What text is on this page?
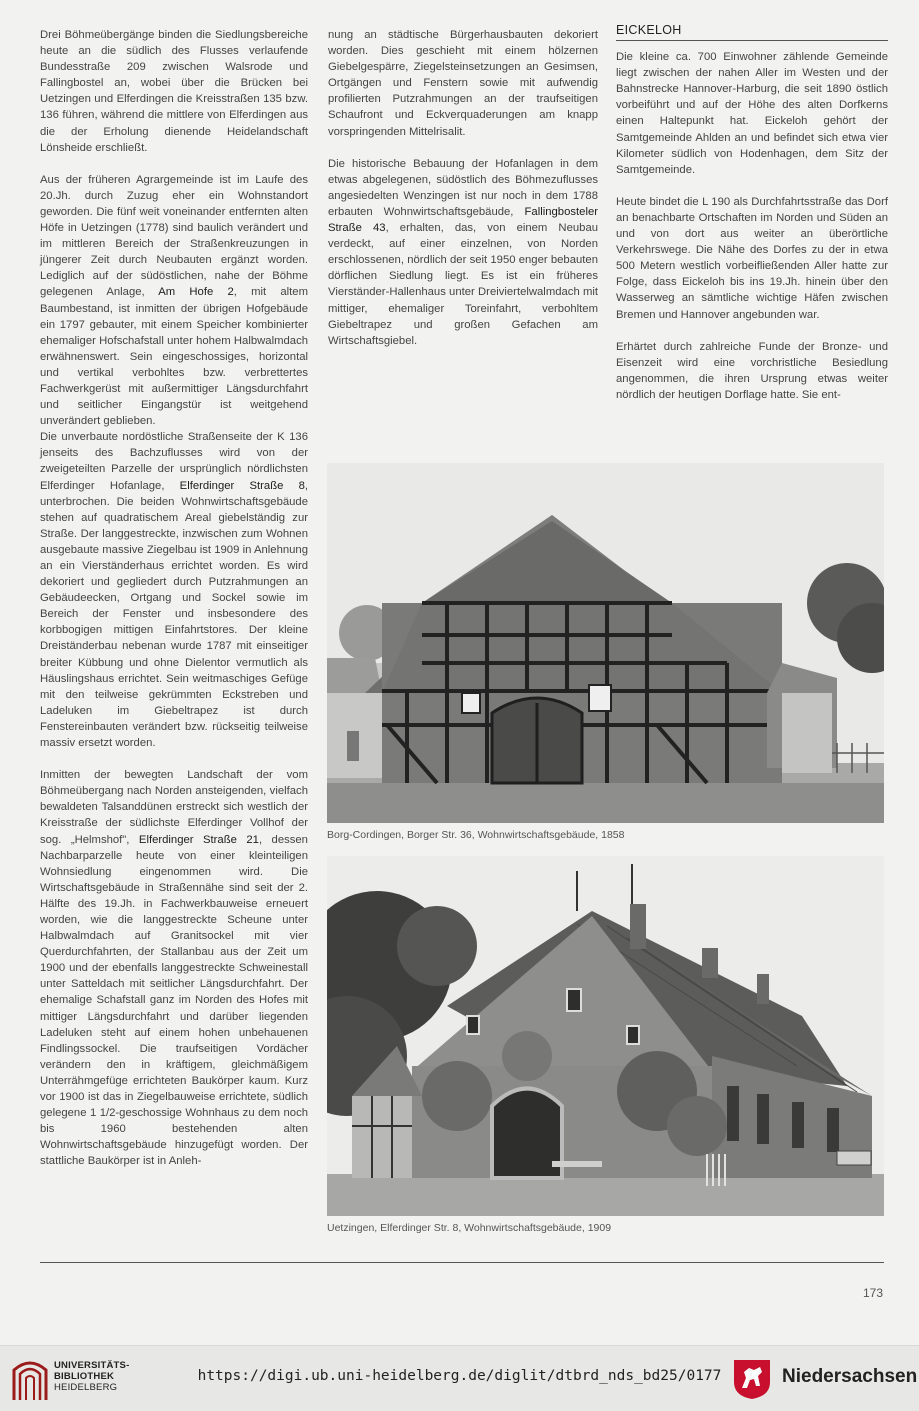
Drei Böhmeübergänge binden die Siedlungsbereiche heute an die südlich des Flusses verlaufende Bundesstraße 209 zwischen Walsrode und Fallingbostel an, wobei über die Brücken bei Uetzingen und Elferdingen die Kreisstraßen 135 bzw. 136 führen, während die mittlere von Elferdingen aus die der Erholung dienende Heidelandschaft Lönsheide erschließt.

Aus der früheren Agrargemeinde ist im Laufe des 20.Jh. durch Zuzug eher ein Wohnstandort geworden. Die fünf weit voneinander entfernten alten Höfe in Uetzingen (1778) sind baulich verändert und im mittleren Bereich der Straßenkreuzungen in jüngerer Zeit durch Neubauten ergänzt worden. Lediglich auf der südöstlichen, nahe der Böhme gelegenen Anlage, Am Hofe 2, mit altem Baumbestand, ist inmitten der übrigen Hofgebäude ein 1797 gebauter, mit einem Speicher kombinierter ehemaliger Hofschafstall unter hohem Halbwalmdach erwähnenswert. Sein eingeschossiges, horizontal und vertikal verbohltes bzw. verbrettertes Fachwerkgerüst mit außermittiger Längsdurchfahrt und seitlicher Eingangstür ist weitgehend unverändert geblieben.

Die unverbaute nordöstliche Straßenseite der K 136 jenseits des Bachzuflusses wird von der zweigeteilten Parzelle der ursprünglich nördlichsten Elferdinger Hofanlage, Elferdinger Straße 8, unterbrochen. Die beiden Wohnwirtschaftsgebäude stehen auf quadratischem Areal giebelständig zur Straße. Der langgestreckte, inzwischen zum Wohnen ausgebaute massive Ziegelbau ist 1909 in Anlehnung an ein Vierständerhaus errichtet worden. Es wird dekoriert und gegliedert durch Putzrahmungen an Gebäudeecken, Ortgang und Sockel sowie im Bereich der Fenster und insbesondere des korbbogigen mittigen Einfahrtstores. Der kleine Dreiständerbau nebenan wurde 1787 mit einseitiger breiter Kübbung und ohne Dielentor vermutlich als Häuslingshaus errichtet. Sein weitmaschiges Gefüge mit den teilweise gekrümmten Eckstreben und Ladeluken im Giebeltrapez ist durch Fenstereinbauten verändert bzw. rückseitig teilweise massiv ersetzt worden.

Inmitten der bewegten Landschaft der vom Böhmeübergang nach Norden ansteigenden, vielfach bewaldeten Talsanddünen erstreckt sich westlich der Kreisstraße der südlichste Elferdinger Vollhof der sog. „Helmshof", Elferdinger Straße 21, dessen Nachbarparzelle heute von einer kleinteiligen Wohnsiedlung eingenommen wird. Die Wirtschaftsgebäude in Straßennähe sind seit der 2. Hälfte des 19.Jh. in Fachwerkbauweise erneuert worden, wie die langgestreckte Scheune unter Halbwalmdach auf Granitsockel mit vier Querdurchfahrten, der Stallanbau aus der Zeit um 1900 und der ebenfalls langgestreckte Schweinestall unter Satteldach mit seitlicher Längsdurchfahrt. Der ehemalige Schafstall ganz im Norden des Hofes mit mittiger Längsdurchfahrt und darüber liegenden Ladeluken steht auf einem hohen unbehauenen Findlingssockel. Die traufseitigen Vordächer verändern den in kräftigem, gleichmäßigem Unterrähmgefüge errichteten Baukörper kaum. Kurz vor 1900 ist das in Ziegelbauweise errichtete, südlich gelegene 1 1/2-geschossige Wohnhaus zu dem noch bis 1960 bestehenden alten Wohnwirtschaftsgebäude hinzugefügt worden. Der stattliche Baukörper ist in Anleh-

nung an städtische Bürgerhausbauten dekoriert worden. Dies geschieht mit einem hölzernen Giebelgespärre, Ziegelsteinsetzungen an Gesimsen, Ortgängen und Fenstern sowie mit aufwendig profilierten Putzrahmungen an der traufseitigen Schaufront und Eckverquaderungen am knapp vorspringenden Mittelrisalit.

Die historische Bebauung der Hofanlagen in dem etwas abgelegenen, südöstlich des Böhmezuflusses angesiedelten Wenzingen ist nur noch in dem 1788 erbauten Wohnwirtschaftsgebäude, Fallingbosteler Straße 43, erhalten, das, von einem Neubau verdeckt, auf einer einzelnen, von Norden erschlossenen, nördlich der seit 1950 enger bebauten dörflichen Siedlung liegt. Es ist ein früheres Vierständer-Hallenhaus unter Dreiviertelwalmdach mit mittiger, ehemaliger Toreinfahrt, verbohltem Giebeltrapez und großen Gefachen am Wirtschaftsgiebel.

EICKELOH

Die kleine ca. 700 Einwohner zählende Gemeinde liegt zwischen der nahen Aller im Westen und der Bahnstrecke Hannover-Harburg, die seit 1890 östlich vorbeiführt und auf der Höhe des alten Dorfkerns einen Haltepunkt hat. Eickeloh gehört der Samtgemeinde Ahlden an und befindet sich etwa vier Kilometer südlich von Hodenhagen, dem Sitz der Samtgemeinde.

Heute bindet die L 190 als Durchfahrtsstraße das Dorf an benachbarte Ortschaften im Norden und Süden an und von dort aus weiter an überörtliche Verkehrswege. Die Nähe des Dorfes zu der in etwa 500 Metern westlich vorbeifließenden Aller hatte zur Folge, dass Eickeloh bis ins 19.Jh. hinein über den Wasserweg an sämtliche wichtige Häfen zwischen Bremen und Hannover angebunden war.

Erhärtet durch zahlreiche Funde der Bronze- und Eisenzeit wird eine vorchristliche Besiedlung angenommen, die ihren Ursprung etwas weiter nördlich der heutigen Dorflage hatte. Sie ent-

Borg-Cordingen, Borger Str. 36, Wohnwirtschaftsgebäude, 1858
Uetzingen, Elferdinger Str. 8, Wohnwirtschaftsgebäude, 1909
173
UNIVERSITÄTS-
BIBLIOTHEK
HEIDELBERG
https://digi.ub.uni-heidelberg.de/diglit/dtbrd_nds_bd25/0177	Niedersachsen
